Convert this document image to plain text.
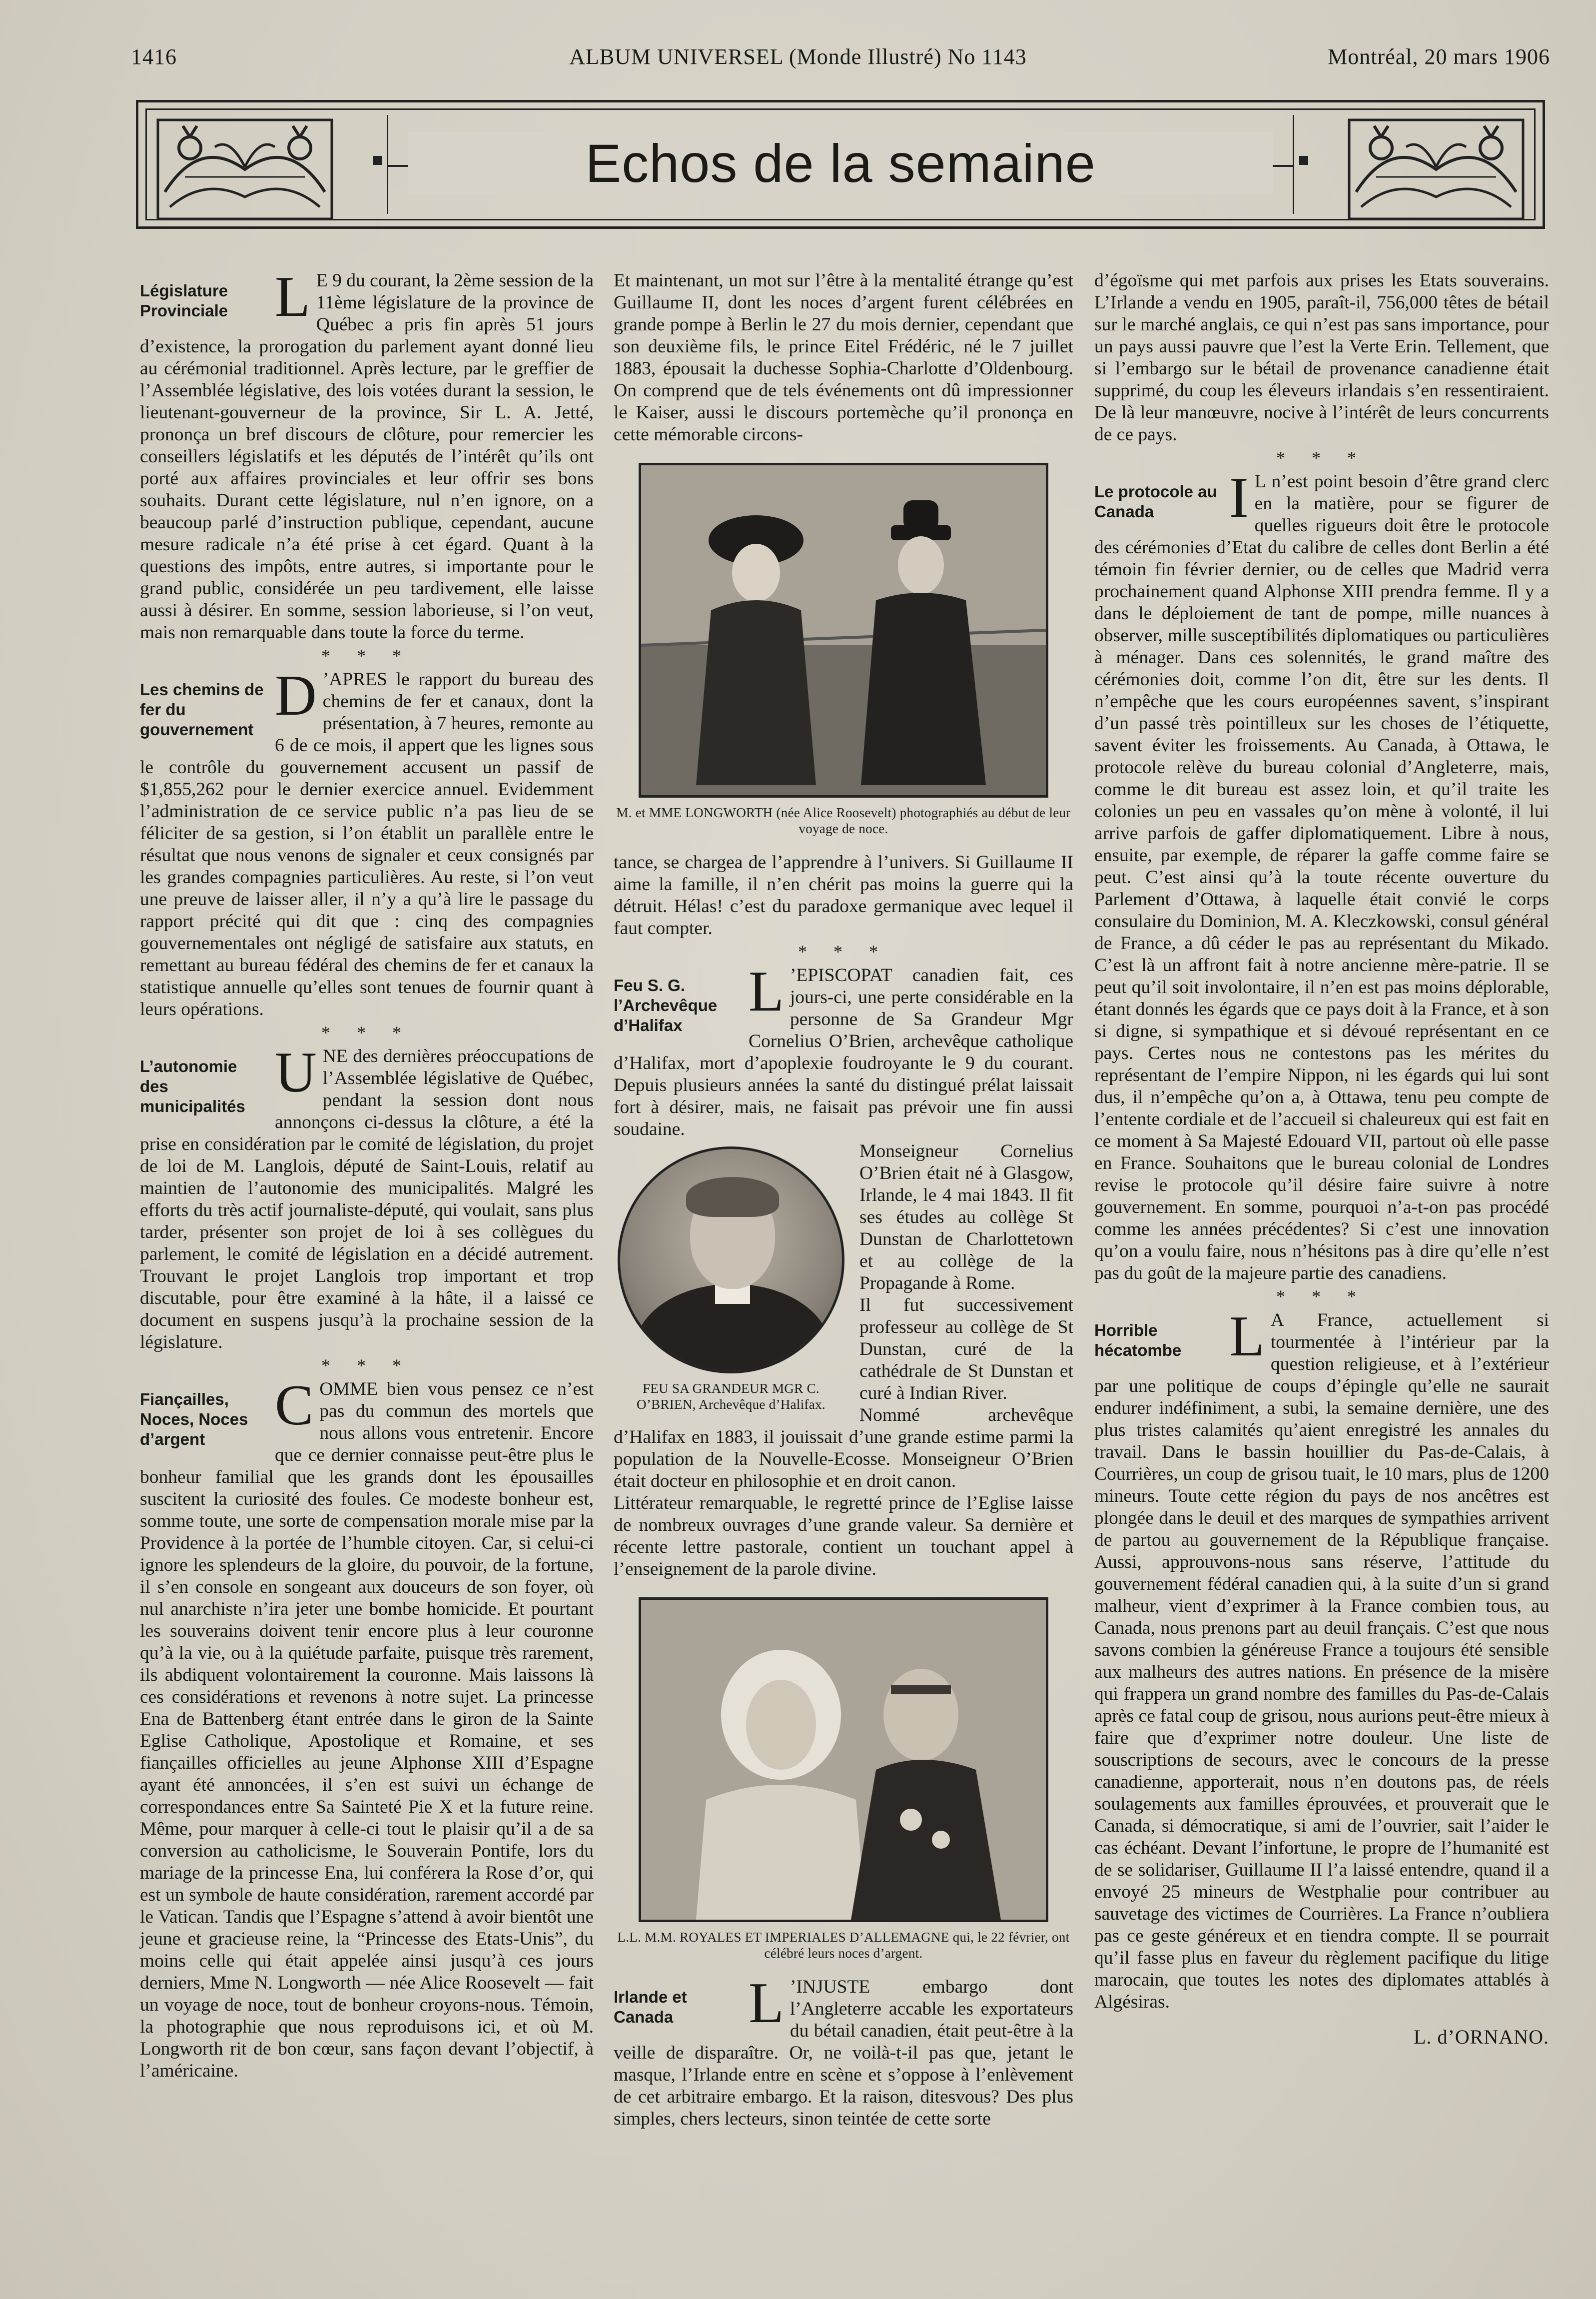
1416	ALBUM UNIVERSEL (Monde Illustré) No 1143	Montréal, 20 mars 1906
Echos de la semaine
Législature Provinciale L E 9 du courant, la 2ème session de la 11ème législature de la province de Québec a pris fin après 51 jours d’existence, la prorogation du parlement ayant donné lieu au cérémonial traditionnel. Après lecture, par le greffier de l’Assemblée législative, des lois votées durant la session, le lieutenant-gouverneur de la province, Sir L. A. Jetté, prononça un bref discours de clôture, pour remercier les conseillers législatifs et les députés de l’intérêt qu’ils ont porté aux affaires provinciales et leur offrir ses bons souhaits. Durant cette législature, nul n’en ignore, on a beaucoup parlé d’instruction publique, cependant, aucune mesure radicale n’a été prise à cet égard. Quant à la questions des impôts, entre autres, si importante pour le grand public, considérée un peu tardivement, elle laisse aussi à désirer. En somme, session laborieuse, si l’on veut, mais non remarquable dans toute la force du terme.

* * *
Les chemins de fer du gouvernement
D ’APRES le rapport du bureau des chemins de fer et canaux, dont la présentation, à 7 heures, remonte au 6 de ce mois, il appert que les lignes sous le contrôle du gouvernement accusent un passif de $1,855,262 pour le dernier exercice annuel. Evidemment l’administration de ce service public n’a pas lieu de se féliciter de sa gestion, si l’on établit un parallèle entre le résultat que nous venons de signaler et ceux consignés par les grandes compagnies particulières. Au reste, si l’on veut une preuve de laisser aller, il n’y a qu’à lire le passage du rapport précité qui dit que : cinq des compagnies gouvernementales ont négligé de satisfaire aux statuts, en remettant au bureau fédéral des chemins de fer et canaux la statistique annuelle qu’elles sont tenues de fournir quant à leurs opérations.

* * *
L’autonomie des municipalités
U NE des dernières préoccupations de l’Assemblée législative de Québec, pendant la session dont nous annonçons ci-dessus la clôture, a été la prise en considération par le comité de législation, du projet de loi de M. Langlois, député de Saint-Louis, relatif au maintien de l’autonomie des municipalités. Malgré les efforts du très actif journaliste-député, qui voulait, sans plus tarder, présenter son projet de loi à ses collègues du parlement, le comité de législation en a décidé autrement. Trouvant le projet Langlois trop important et trop discutable, pour être examiné à la hâte, il a laissé ce document en suspens jusqu’à la prochaine session de la législature.

* * *
Fiançailles, Noces, Noces d’argent
C OMME bien vous pensez ce n’est pas du commun des mortels que nous allons vous entretenir. Encore que ce dernier connaisse peut-être plus le bonheur familial que les grands dont les épousailles suscitent la curiosité des foules. Ce modeste bonheur est, somme toute, une sorte de compensation morale mise par la Providence à la portée de l’humble citoyen. Car, si celui-ci ignore les splendeurs de la gloire, du pouvoir, de la fortune, il s’en console en songeant aux douceurs de son foyer, où nul anarchiste n’ira jeter une bombe homicide. Et pourtant les souverains doivent tenir encore plus à leur couronne qu’à la vie, ou à la quiétude parfaite, puisque très rarement, ils abdiquent volontairement la couronne. Mais laissons là ces considérations et revenons à notre sujet. La princesse Ena de Battenberg étant entrée dans le giron de la Sainte Eglise Catholique, Apostolique et Romaine, et ses fiançailles officielles au jeune Alphonse XIII d’Espagne ayant été annoncées, il s’en est suivi un échange de correspondances entre Sa Sainteté Pie X et la future reine. Même, pour marquer à celle-ci tout le plaisir qu’il a de sa conversion au catholicisme, le Souverain Pontife, lors du mariage de la princesse Ena, lui conférera la Rose d’or, qui est un symbole de haute considération, rarement accordé par le Vatican. Tandis que l’Espagne s’attend à avoir bientôt une jeune et gracieuse reine, la “Princesse des Etats-Unis”, du moins celle qui était appelée ainsi jusqu’à ces jours derniers, Mme N. Longworth — née Alice Roosevelt — fait un voyage de noce, tout de bonheur croyons-nous. Témoin, la photographie que nous reproduisons ici, et où M. Longworth rit de bon cœur, sans façon devant l’objectif, à l’américaine.

Et maintenant, un mot sur l’être à la mentalité étrange qu’est Guillaume II, dont les noces d’argent furent célébrées en grande pompe à Berlin le 27 du mois dernier, cependant que son deuxième fils, le prince Eitel Frédéric, né le 7 juillet 1883, épousait la duchesse Sophia-Charlotte d’Oldenbourg. On comprend que de tels événements ont dû impressionner le Kaiser, aussi le discours portemèche qu’il prononça en cette mémorable circons-

M. et MME LONGWORTH (née Alice Roosevelt) photographiés au début de leur voyage de noce.

tance, se chargea de l’apprendre à l’univers. Si Guillaume II aime la famille, il n’en chérit pas moins la guerre qui la détruit. Hélas! c’est du paradoxe germanique avec lequel il faut compter.

* * *
Feu S. G. l’Archevêque d’Halifax
L ’EPISCOPAT canadien fait, ces jours-ci, une perte considérable en la personne de Sa Grandeur Mgr Cornelius O’Brien, archevêque catholique d’Halifax, mort d’apoplexie foudroyante le 9 du courant. Depuis plusieurs années la santé du distingué prélat laissait fort à désirer, mais, ne faisait pas prévoir une fin aussi soudaine.

FEU SA GRANDEUR MGR C. O’BRIEN, Archevêque d’Halifax.

Monseigneur Cornelius O’Brien était né à Glasgow, Irlande, le 4 mai 1843. Il fit ses études au collège St Dunstan de Charlottetown et au collège de la Propagande à Rome.

Il fut successivement professeur au collège de St Dunstan, curé de la cathédrale de St Dunstan et curé à Indian River.

Nommé archevêque d’Halifax en 1883, il jouissait d’une grande estime parmi la population de la Nouvelle-Ecosse. Monseigneur O’Brien était docteur en philosophie et en droit canon.

Littérateur remarquable, le regretté prince de l’Eglise laisse de nombreux ouvrages d’une grande valeur. Sa dernière et récente lettre pastorale, contient un touchant appel à l’enseignement de la parole divine.

L.L. M.M. ROYALES ET IMPERIALES D’ALLEMAGNE qui, le 22 février, ont célébré leurs noces d’argent.
Irlande et Canada	L ’INJUSTE embargo dont l’Angleterre accable les exportateurs du bétail canadien, était peut-être à la veille de disparaître. Or, ne voilà-t-il pas que, jetant le masque, l’Irlande entre en scène et s’oppose à l’enlèvement de cet arbitraire embargo. Et la raison, ditesvous? Des plus simples, chers lecteurs, sinon teintée de cette sorte

d’égoïsme qui met parfois aux prises les Etats souverains. L’Irlande a vendu en 1905, paraît-il, 756,000 têtes de bétail sur le marché anglais, ce qui n’est pas sans importance, pour un pays aussi pauvre que l’est la Verte Erin. Tellement, que si l’embargo sur le bétail de provenance canadienne était supprimé, du coup les éleveurs irlandais s’en ressentiraient. De là leur manœuvre, nocive à l’intérêt de leurs concurrents de ce pays.

* * *
Le protocole au Canada	I L n’est point besoin d’être grand clerc en la matière, pour se figurer de quelles rigueurs doit être le protocole des cérémonies d’Etat du calibre de celles dont Berlin a été témoin fin février dernier, ou de celles que Madrid verra prochainement quand Alphonse XIII prendra femme. Il y a dans le déploiement de tant de pompe, mille nuances à observer, mille susceptibilités diplomatiques ou particulières à ménager. Dans ces solennités, le grand maître des cérémonies doit, comme l’on dit, être sur les dents. Il n’empêche que les cours européennes savent, s’inspirant d’un passé très pointilleux sur les choses de l’étiquette, savent éviter les froissements. Au Canada, à Ottawa, le protocole relève du bureau colonial d’Angleterre, mais, comme le dit bureau est assez loin, et qu’il traite les colonies un peu en vassales qu’on mène à volonté, il lui arrive parfois de gaffer diplomatiquement. Libre à nous, ensuite, par exemple, de réparer la gaffe comme faire se peut. C’est ainsi qu’à la toute récente ouverture du Parlement d’Ottawa, à laquelle était convié le corps consulaire du Dominion, M. A. Kleczkowski, consul général de France, a dû céder le pas au représentant du Mikado. C’est là un affront fait à notre ancienne mère-patrie. Il se peut qu’il soit involontaire, il n’en est pas moins déplorable, étant donnés les égards que ce pays doit à la France, et à son si digne, si sympathique et si dévoué représentant en ce pays. Certes nous ne contestons pas les mérites du représentant de l’empire Nippon, ni les égards qui lui sont dus, il n’empêche qu’on a, à Ottawa, tenu peu compte de l’entente cordiale et de l’accueil si chaleureux qui est fait en ce moment à Sa Majesté Edouard VII, partout où elle passe en France. Souhaitons que le bureau colonial de Londres revise le protocole qu’il désire faire suivre à notre gouvernement. En somme, pourquoi n’a-t-on pas procédé comme les années précédentes? Si c’est une innovation qu’on a voulu faire, nous n’hésitons pas à dire qu’elle n’est pas du goût de la majeure partie des canadiens.

* * *
Horrible hécatombe L A France, actuellement si tourmentée à l’intérieur par la question religieuse, et à l’extérieur par une politique de coups d’épingle qu’elle ne saurait endurer indéfiniment, a subi, la semaine dernière, une des plus tristes calamités qu’aient enregistré les annales du travail. Dans le bassin houillier du Pas-de-Calais, à Courrières, un coup de grisou tuait, le 10 mars, plus de 1200 mineurs. Toute cette région du pays de nos ancêtres est plongée dans le deuil et des marques de sympathies arrivent de partou au gouvernement de la République française. Aussi, approuvons-nous sans réserve, l’attitude du gouvernement fédéral canadien qui, à la suite d’un si grand malheur, vient d’exprimer à la France combien tous, au Canada, nous prenons part au deuil français. C’est que nous savons combien la généreuse France a toujours été sensible aux malheurs des autres nations. En présence de la misère qui frappera un grand nombre des familles du Pas-de-Calais après ce fatal coup de grisou, nous aurions peut-être mieux à faire que d’exprimer notre douleur. Une liste de souscriptions de secours, avec le concours de la presse canadienne, apporterait, nous n’en doutons pas, de réels soulagements aux familles éprouvées, et prouverait que le Canada, si démocratique, si ami de l’ouvrier, sait l’aider le cas échéant. Devant l’infortune, le propre de l’humanité est de se solidariser, Guillaume II l’a laissé entendre, quand il a envoyé 25 mineurs de Westphalie pour contribuer au sauvetage des victimes de Courrières. La France n’oubliera pas ce geste généreux et en tiendra compte. Il se pourrait qu’il fasse plus en faveur du règlement pacifique du litige marocain, que toutes les notes des diplomates attablés à Algésiras.

L. d’ORNANO.
